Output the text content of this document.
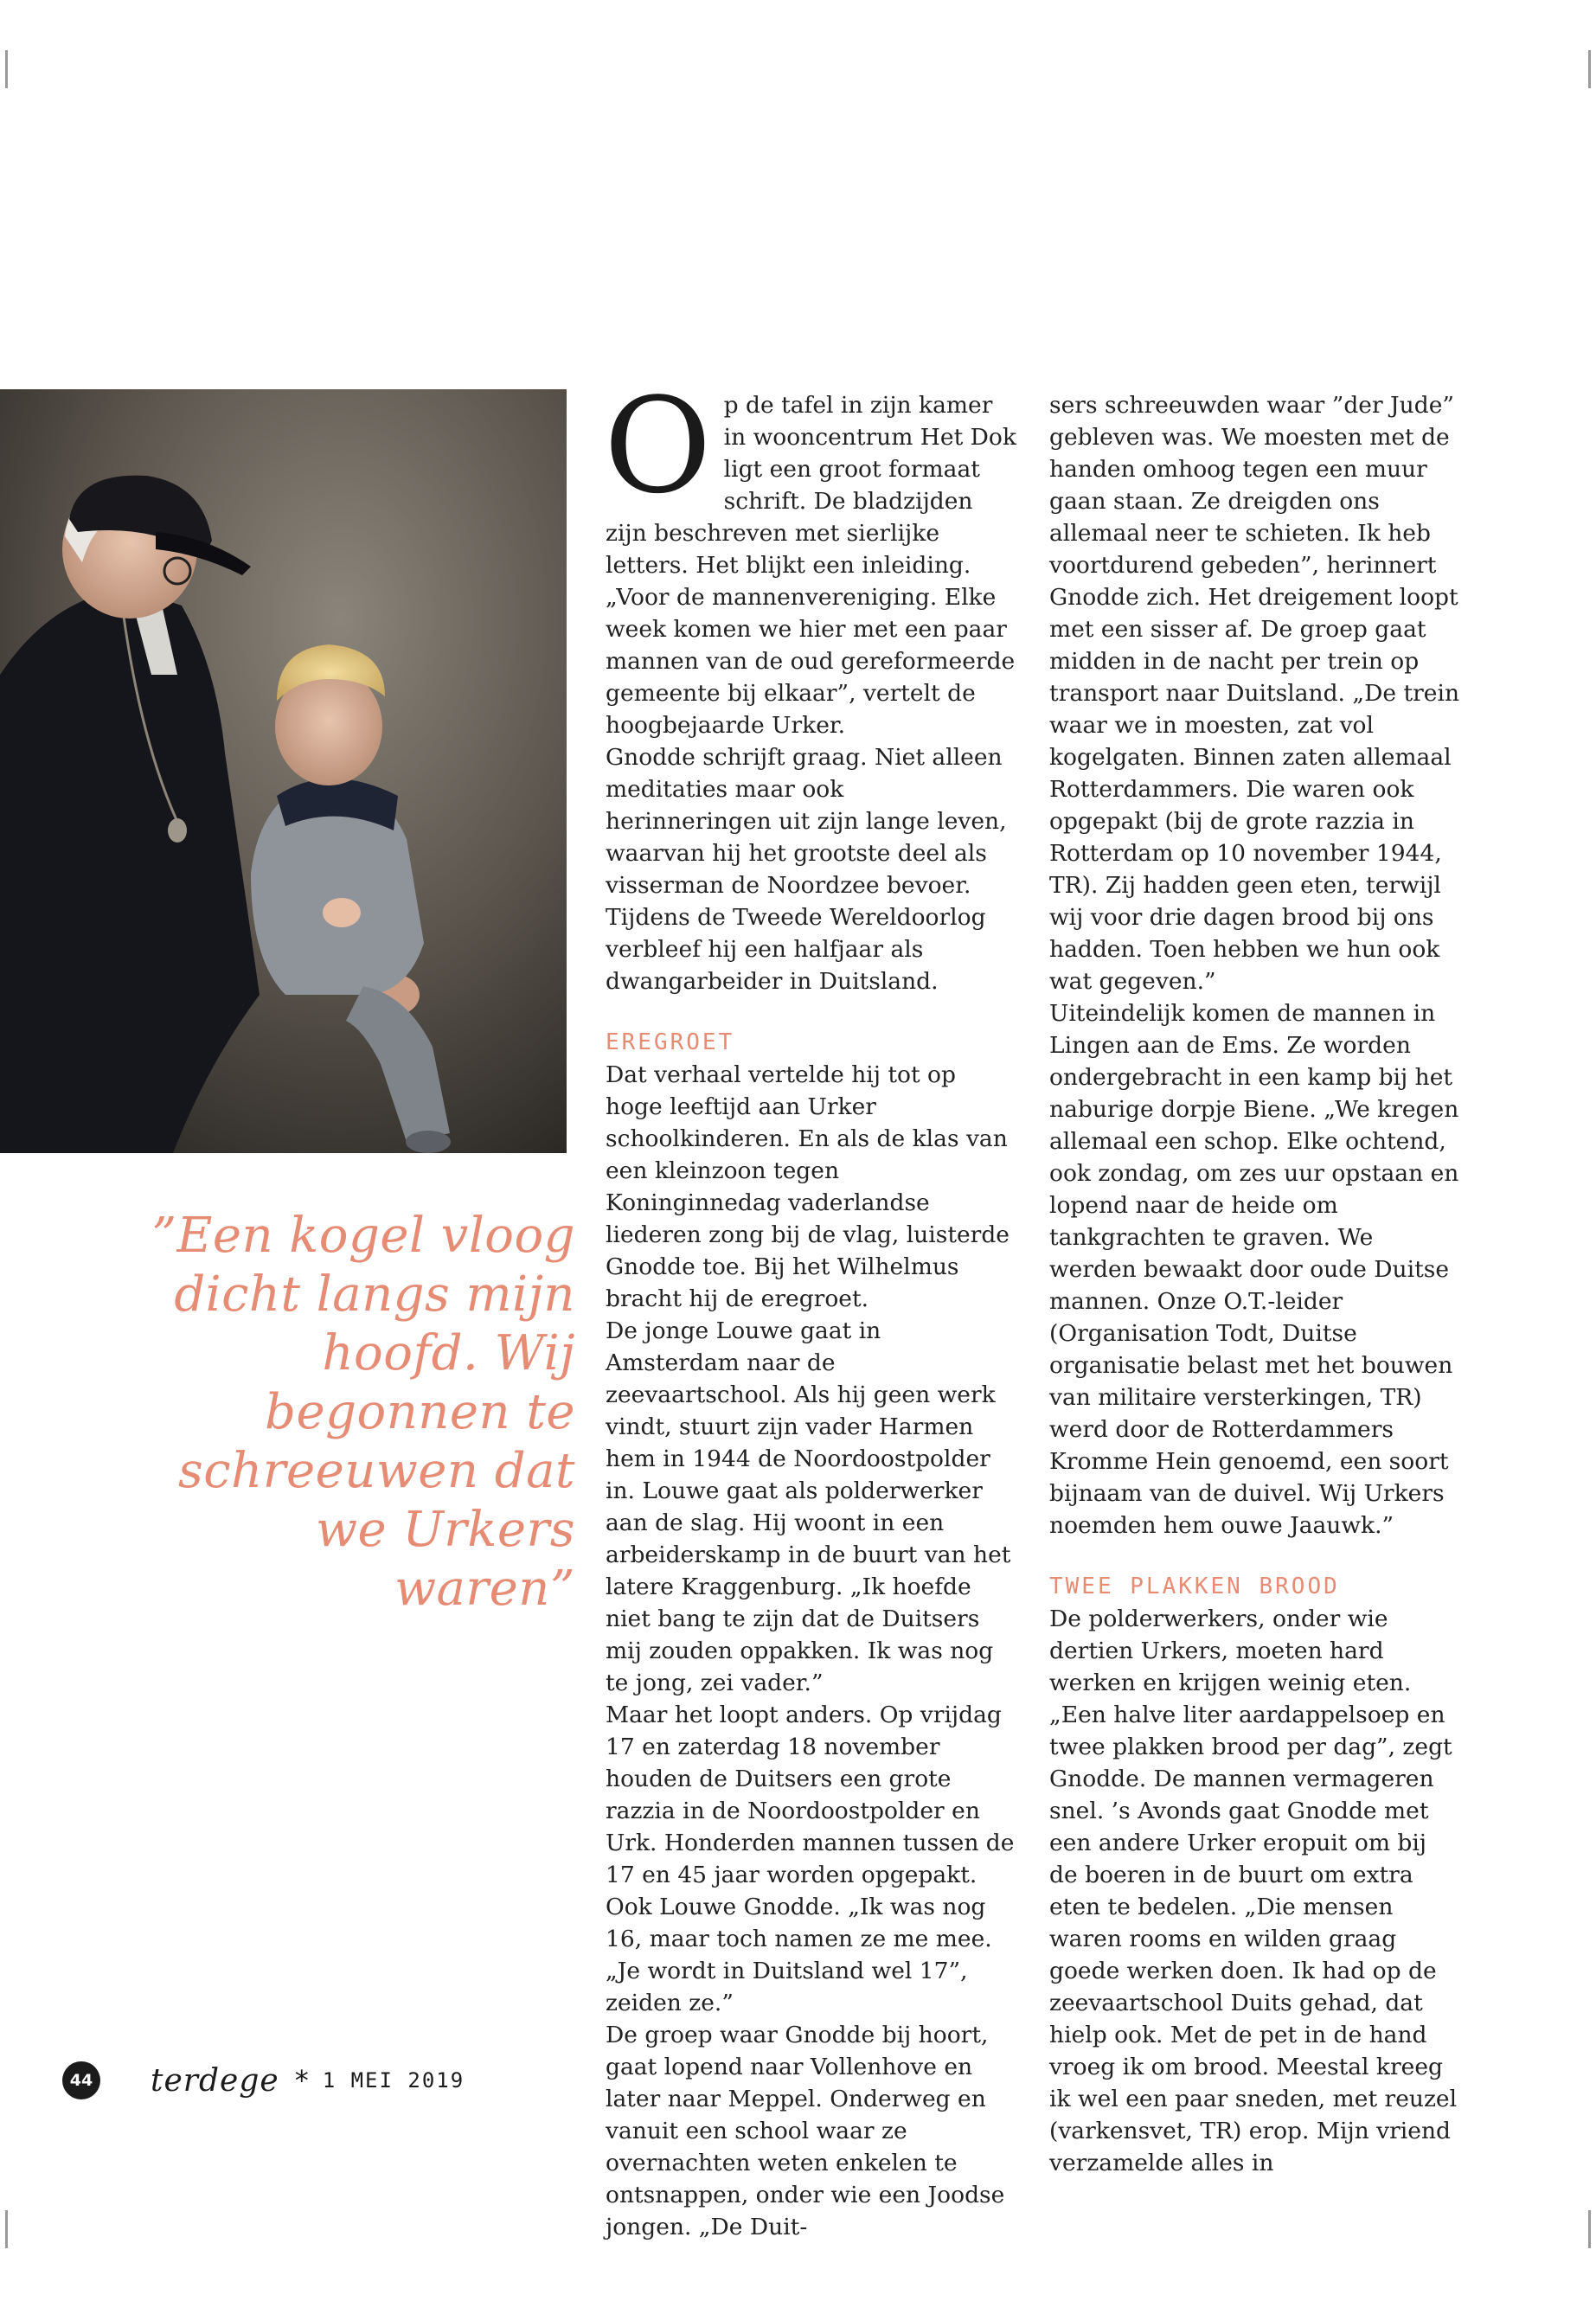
”Een kogel vloog dicht langs mijn hoofd. Wij begonnen te schreeuwen dat we Urkers waren”
O p de tafel in zijn kamer in wooncentrum Het Dok ligt een groot formaat schrift. De bladzijden zijn beschreven met sierlijke letters. Het blijkt een inleiding. „Voor de mannenvereniging. Elke week komen we hier met een paar mannen van de oud gereformeerde gemeente bij elkaar”, vertelt de hoogbejaarde Urker.

Gnodde schrijft graag. Niet alleen meditaties maar ook herinneringen uit zijn lange leven, waarvan hij het grootste deel als visserman de Noordzee bevoer. Tijdens de Tweede Wereldoorlog verbleef hij een halfjaar als dwangarbeider in Duitsland.

EREGROET

Dat verhaal vertelde hij tot op hoge leeftijd aan Urker schoolkinderen. En als de klas van een kleinzoon tegen Koninginnedag vaderlandse liederen zong bij de vlag, luisterde Gnodde toe. Bij het Wilhelmus bracht hij de eregroet.

De jonge Louwe gaat in Amsterdam naar de zeevaartschool. Als hij geen werk vindt, stuurt zijn vader Harmen hem in 1944 de Noordoostpolder in. Louwe gaat als polderwerker aan de slag. Hij woont in een arbeiderskamp in de buurt van het latere Kraggenburg. „Ik hoefde niet bang te zijn dat de Duitsers mij zouden oppakken. Ik was nog te jong, zei vader.”

Maar het loopt anders. Op vrijdag 17 en zaterdag 18 november houden de Duitsers een grote razzia in de Noordoostpolder en Urk. Honderden mannen tussen de 17 en 45 jaar worden opgepakt. Ook Louwe Gnodde. „Ik was nog 16, maar toch namen ze me mee. „Je wordt in Duitsland wel 17”, zeiden ze.”

De groep waar Gnodde bij hoort, gaat lopend naar Vollenhove en later naar Meppel. Onderweg en vanuit een school waar ze overnachten weten enkelen te ontsnappen, onder wie een Joodse jongen. „De Duit-

sers schreeuwden waar ”der Jude” gebleven was. We moesten met de handen omhoog tegen een muur gaan staan. Ze dreigden ons allemaal neer te schieten. Ik heb voortdurend gebeden”, herinnert Gnodde zich. Het dreigement loopt met een sisser af. De groep gaat midden in de nacht per trein op transport naar Duitsland. „De trein waar we in moesten, zat vol kogelgaten. Binnen zaten allemaal Rotterdammers. Die waren ook opgepakt (bij de grote razzia in Rotterdam op 10 november 1944, TR). Zij hadden geen eten, terwijl wij voor drie dagen brood bij ons hadden. Toen hebben we hun ook wat gegeven.”

Uiteindelijk komen de mannen in Lingen aan de Ems. Ze worden ondergebracht in een kamp bij het naburige dorpje Biene. „We kregen allemaal een schop. Elke ochtend, ook zondag, om zes uur opstaan en lopend naar de heide om tankgrachten te graven. We werden bewaakt door oude Duitse mannen. Onze O.T.-leider (Organisation Todt, Duitse organisatie belast met het bouwen van militaire versterkingen, TR) werd door de Rotterdammers Kromme Hein genoemd, een soort bijnaam van de duivel. Wij Urkers noemden hem ouwe Jaauwk.”

TWEE PLAKKEN BROOD

De polderwerkers, onder wie dertien Urkers, moeten hard werken en krijgen weinig eten. „Een halve liter aardappelsoep en twee plakken brood per dag”, zegt Gnodde. De mannen vermageren snel. ’s Avonds gaat Gnodde met een andere Urker eropuit om bij de boeren in de buurt om extra eten te bedelen. „Die mensen waren rooms en wilden graag goede werken doen. Ik had op de zeevaartschool Duits gehad, dat hielp ook. Met de pet in de hand vroeg ik om brood. Meestal kreeg ik wel een paar sneden, met reuzel (varkensvet, TR) erop. Mijn vriend verzamelde alles in

44 terdege * 1 MEI 2019
